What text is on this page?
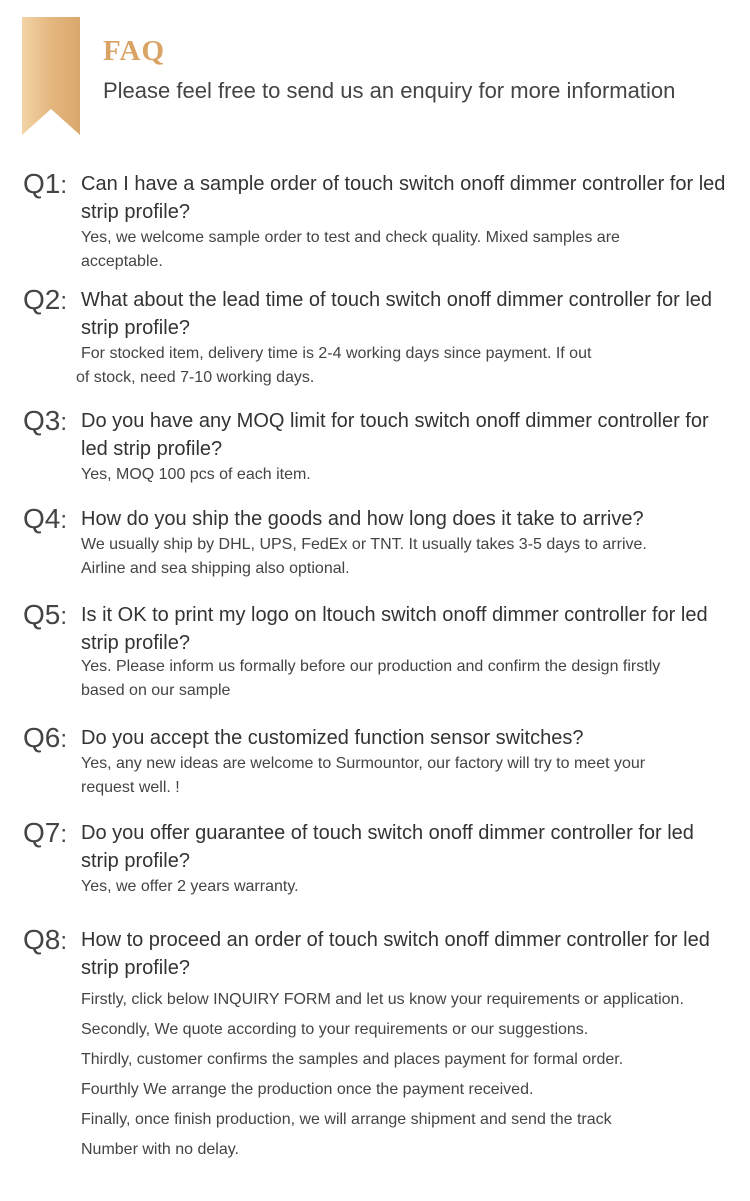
FAQ

Please feel free to send us an enquiry for more information

Q1: Can I have a sample order of touch switch onoff dimmer controller for led strip profile?

Yes, we welcome sample order to test and check quality. Mixed samples are acceptable.

Q2: What about the lead time of touch switch onoff dimmer controller for led strip profile?

For stocked item, delivery time is 2-4 working days since payment. If out

of stock, need 7-10 working days.

Q3: Do you have any MOQ limit for touch switch onoff dimmer controller for led strip profile?

Yes, MOQ 100 pcs of each item.

Q4: How do you ship the goods and how long does it take to arrive?

We usually ship by DHL, UPS, FedEx or TNT. It usually takes 3-5 days to arrive. Airline and sea shipping also optional.

Q5: Is it OK to print my logo on ltouch switch onoff dimmer controller for led strip profile?

Yes. Please inform us formally before our production and confirm the design firstly based on our sample

Q6: Do you accept the customized function sensor switches?

Yes, any new ideas are welcome to Surmountor, our factory will try to meet your request well. !

Q7: Do you offer guarantee of touch switch onoff dimmer controller for led strip profile?

Yes, we offer 2 years warranty.

Q8: How to proceed an order of touch switch onoff dimmer controller for led strip profile?

Firstly, click below INQUIRY FORM and let us know your requirements or application.
Secondly, We quote according to your requirements or our suggestions.
Thirdly, customer confirms the samples and places payment for formal order.
Fourthly We arrange the production once the payment received.
Finally, once finish production, we will arrange shipment and send the track
Number with no delay.
